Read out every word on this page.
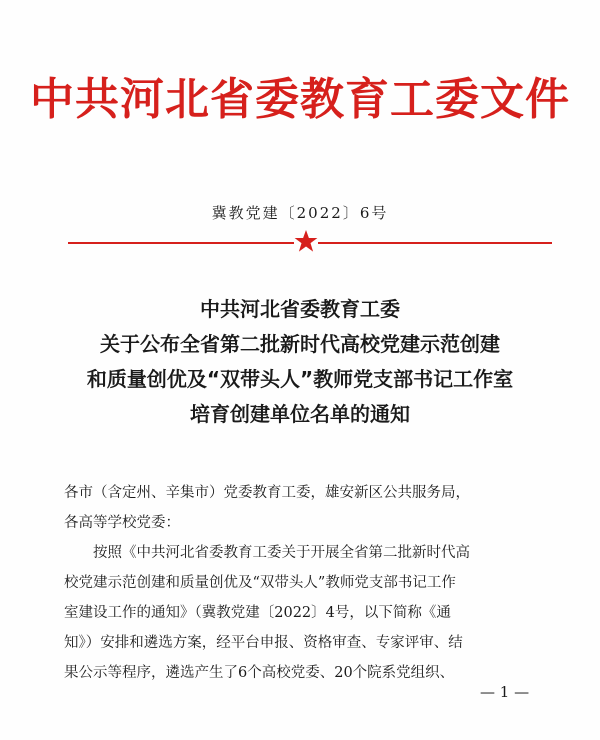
中共河北省委教育工委文件
冀教党建〔2022〕6号
中共河北省委教育工委
关于公布全省第二批新时代高校党建示范创建
和质量创优及“双带头人”教师党支部书记工作室
培育创建单位名单的通知
各市（含定州、辛集市）党委教育工委，雄安新区公共服务局，
各高等学校党委：
按照《中共河北省委教育工委关于开展全省第二批新时代高
校党建示范创建和质量创优及“双带头人”教师党支部书记工作
室建设工作的通知》（冀教党建〔2022〕4号，以下简称《通
知》）安排和遴选方案，经平台申报、资格审查、专家评审、结
果公示等程序，遴选产生了6个高校党委、20个院系党组织、
— 1 —
